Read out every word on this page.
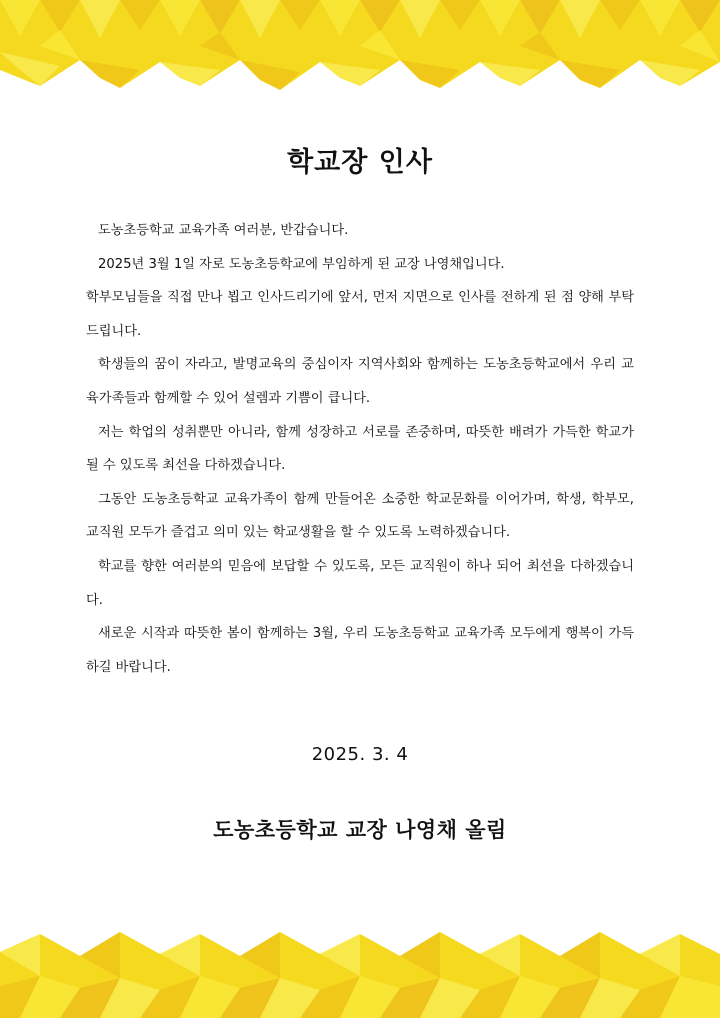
학교장 인사

도농초등학교 교육가족 여러분, 반갑습니다.

2025년 3월 1일 자로 도농초등학교에 부임하게 된 교장 나영채입니다.

학부모님들을 직접 만나 뵙고 인사드리기에 앞서, 먼저 지면으로 인사를 전하게 된 점 양해 부탁드립니다.

학생들의 꿈이 자라고, 발명교육의 중심이자 지역사회와 함께하는 도농초등학교에서 우리 교육가족들과 함께할 수 있어 설렘과 기쁨이 큽니다.

저는 학업의 성취뿐만 아니라, 함께 성장하고 서로를 존중하며, 따뜻한 배려가 가득한 학교가 될 수 있도록 최선을 다하겠습니다.

그동안 도농초등학교 교육가족이 함께 만들어온 소중한 학교문화를 이어가며, 학생, 학부모, 교직원 모두가 즐겁고 의미 있는 학교생활을 할 수 있도록 노력하겠습니다.

학교를 향한 여러분의 믿음에 보답할 수 있도록, 모든 교직원이 하나 되어 최선을 다하겠습니다.

새로운 시작과 따뜻한 봄이 함께하는 3월, 우리 도농초등학교 교육가족 모두에게 행복이 가득하길 바랍니다.

2025. 3. 4
도농초등학교 교장 나영채 올림
